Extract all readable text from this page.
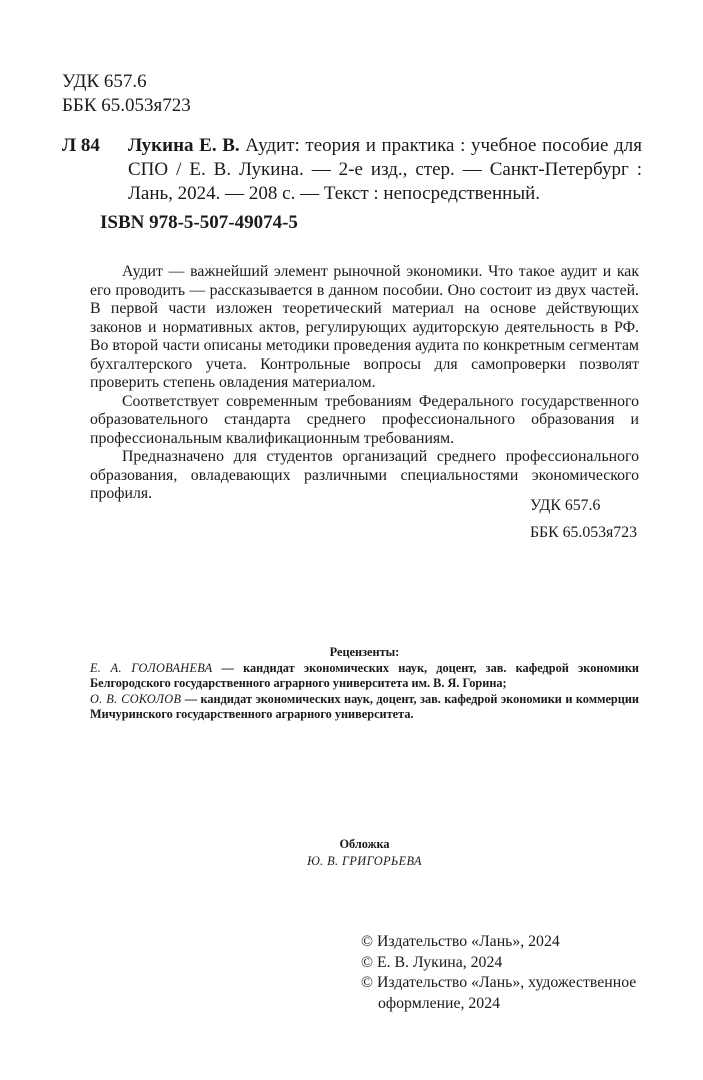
УДК 657.6
ББК 65.053я723
Л 84 Лукина Е. В. Аудит: теория и практика : учебное пособие для СПО / Е. В. Лукина. — 2-е изд., стер. — Санкт-Петербург : Лань, 2024. — 208 с. — Текст : непосредственный.
ISBN 978-5-507-49074-5

Аудит — важнейший элемент рыночной экономики. Что такое аудит и как его проводить — рассказывается в данном пособии. Оно состоит из двух частей. В первой части изложен теоретический материал на основе действующих законов и нормативных актов, регулирующих аудиторскую деятельность в РФ. Во второй части описаны методики проведения аудита по конкретным сегментам бухгалтерского учета. Контрольные вопросы для самопроверки позволят проверить степень овладения материалом.

Соответствует современным требованиям Федерального государственного образовательного стандарта среднего профессионального образования и профессиональным квалификационным требованиям.

Предназначено для студентов организаций среднего профессионального образования, овладевающих различными специальностями экономического профиля.

УДК 657.6
ББК 65.053я723
Рецензенты:

Е. А. ГОЛОВАНЕВА — кандидат экономических наук, доцент, зав. кафедрой экономики Белгородского государственного аграрного университета им. В. Я. Горина;

О. В. СОКОЛОВ — кандидат экономических наук, доцент, зав. кафедрой экономики и коммерции Мичуринского государственного аграрного университета.

Обложка
Ю. В. ГРИГОРЬЕВА
© Издательство «Лань», 2024
© Е. В. Лукина, 2024
© Издательство «Лань», художественное
оформление, 2024
